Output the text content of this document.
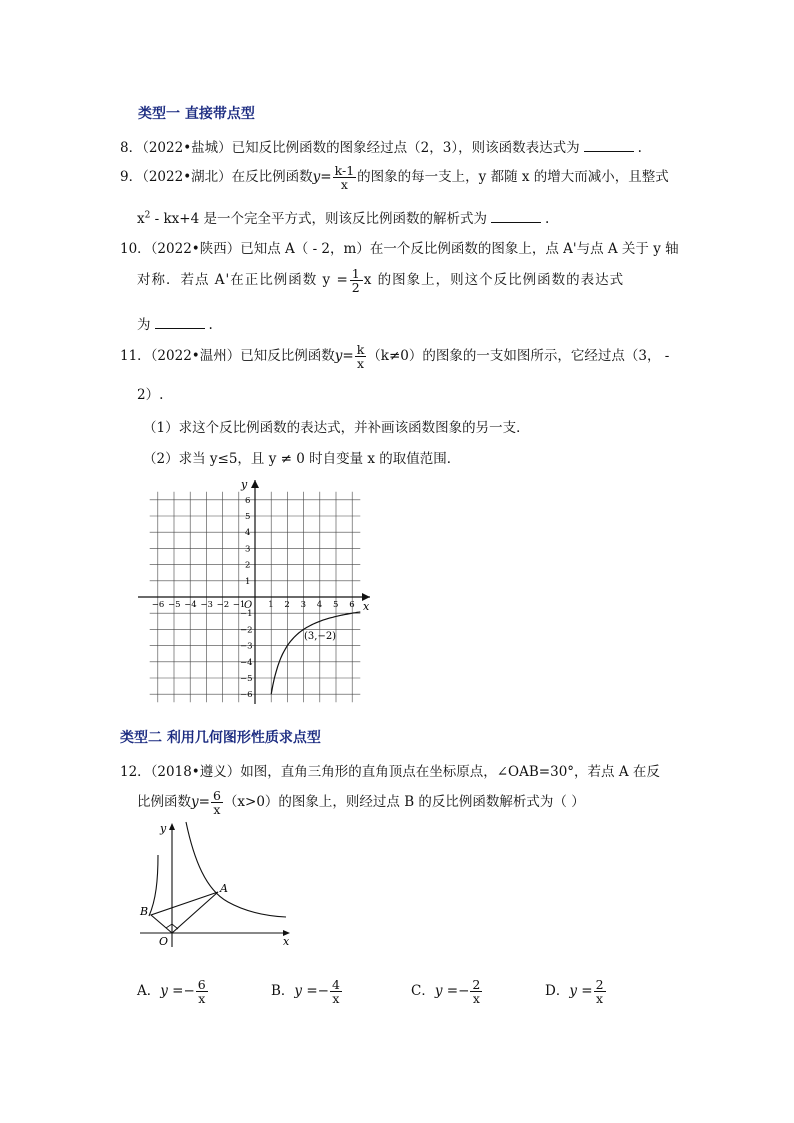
类型一 直接带点型
8．（2022•盐城）已知反比例函数的图象经过点（2，3），则该函数表达式为	.
9．（2022•湖北）在反比例函数$y= \frac{k-1}{x}$ 的图象的每一支上，y 都随 x 的增大而减小，且整式
$x^2 - kx+4$ 是一个完全平方式，则该反比例函数的解析式为	.
10．（2022•陕西）已知点 A（ - 2，m）在一个反比例函数的图象上，点 A'与点 A 关于 y 轴
对称．若点 A'在正比例函数 $y = \frac{1}{2}$ x 的图象上，则这个反比例函数的表达式
为	.
11．（2022•温州）已知反比例函数$y= \frac{k}{x} (k\ne 0)$的图象的一支如图所示，它经过点（3， -
2）.
（1）求这个反比例函数的表达式，并补画该函数图象的另一支．
（2）求当 y≤5，且 y ≠ 0 时自变量 x 的取值范围．
x
y
O
−6 −5 −4 −3 −2 −1	1 2 3 4 5 6
6
5
4
3
2
1
−1
−2
−3
−4
−5
−6
(3,−2)
类型二 利用几何图形性质求点型
12．（2018•遵义）如图，直角三角形的直角顶点在坐标原点，∠OAB=30°，若点 A 在反
比例函数$y= \frac{6}{x} (x>0)$的图象上，则经过点 B 的反比例函数解析式为（ ）
x
y
O
A
B
A．$y =- \frac{6}{x}$	B．$y =- \frac{4}{x}$	C．$y =- \frac{2}{x}$	D．$y = \frac{2}{x}$
